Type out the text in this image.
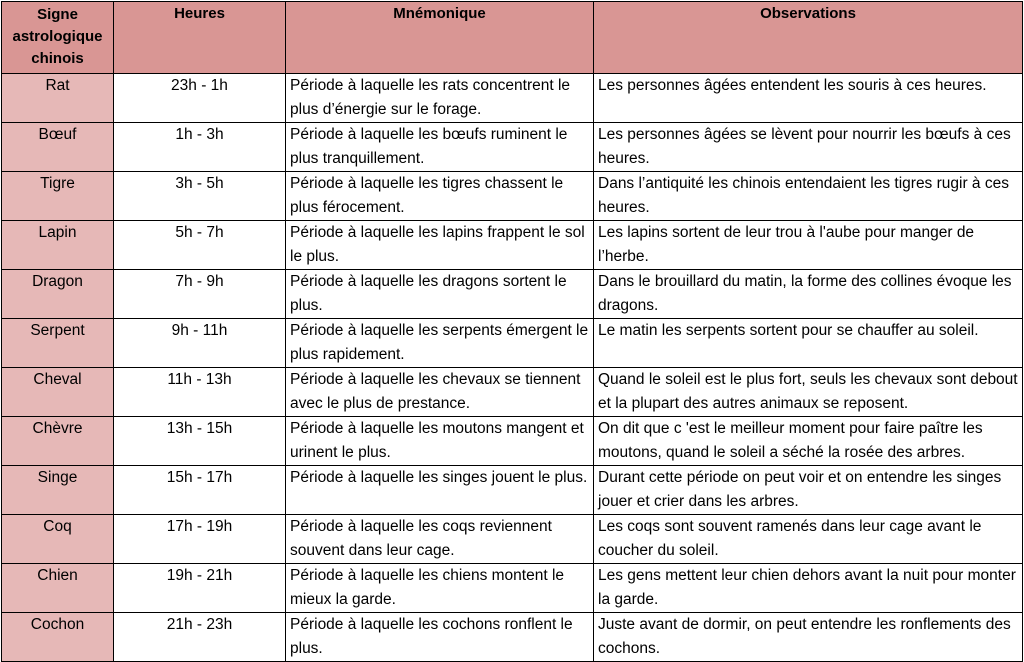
Signe astrologique chinois	Heures	Mnémonique	Observations
Rat	23h - 1h	Période à laquelle les rats concentrent le plus d’énergie sur le forage.	Les personnes âgées entendent les souris à ces heures.
Bœuf	1h - 3h	Période à laquelle les bœufs ruminent le plus tranquillement.	Les personnes âgées se lèvent pour nourrir les bœufs à ces heures.
Tigre	3h - 5h	Période à laquelle les tigres chassent le plus férocement.	Dans l’antiquité les chinois entendaient les tigres rugir à ces heures.
Lapin	5h - 7h	Période à laquelle les lapins frappent le sol le plus.	Les lapins sortent de leur trou à l'aube pour manger de l’herbe.
Dragon	7h - 9h	Période à laquelle les dragons sortent le plus.	Dans le brouillard du matin, la forme des collines évoque les dragons.
Serpent	9h - 11h	Période à laquelle les serpents émergent le plus rapidement.	Le matin les serpents sortent pour se chauffer au soleil.
Cheval	11h - 13h	Période à laquelle les chevaux se tiennent avec le plus de prestance.	Quand le soleil est le plus fort, seuls les chevaux sont debout et la plupart des autres animaux se reposent.
Chèvre	13h - 15h	Période à laquelle les moutons mangent et urinent le plus.	On dit que c 'est le meilleur moment pour faire paître les moutons, quand le soleil a séché la rosée des arbres.
Singe	15h - 17h	Période à laquelle les singes jouent le plus.	Durant cette période on peut voir et on entendre les singes jouer et crier dans les arbres.
Coq	17h - 19h	Période à laquelle les coqs reviennent souvent dans leur cage.	Les coqs sont souvent ramenés dans leur cage avant le coucher du soleil.
Chien	19h - 21h	Période à laquelle les chiens montent le mieux la garde.	Les gens mettent leur chien dehors avant la nuit pour monter la garde.
Cochon	21h - 23h	Période à laquelle les cochons ronflent le plus.	Juste avant de dormir, on peut entendre les ronflements des cochons.
